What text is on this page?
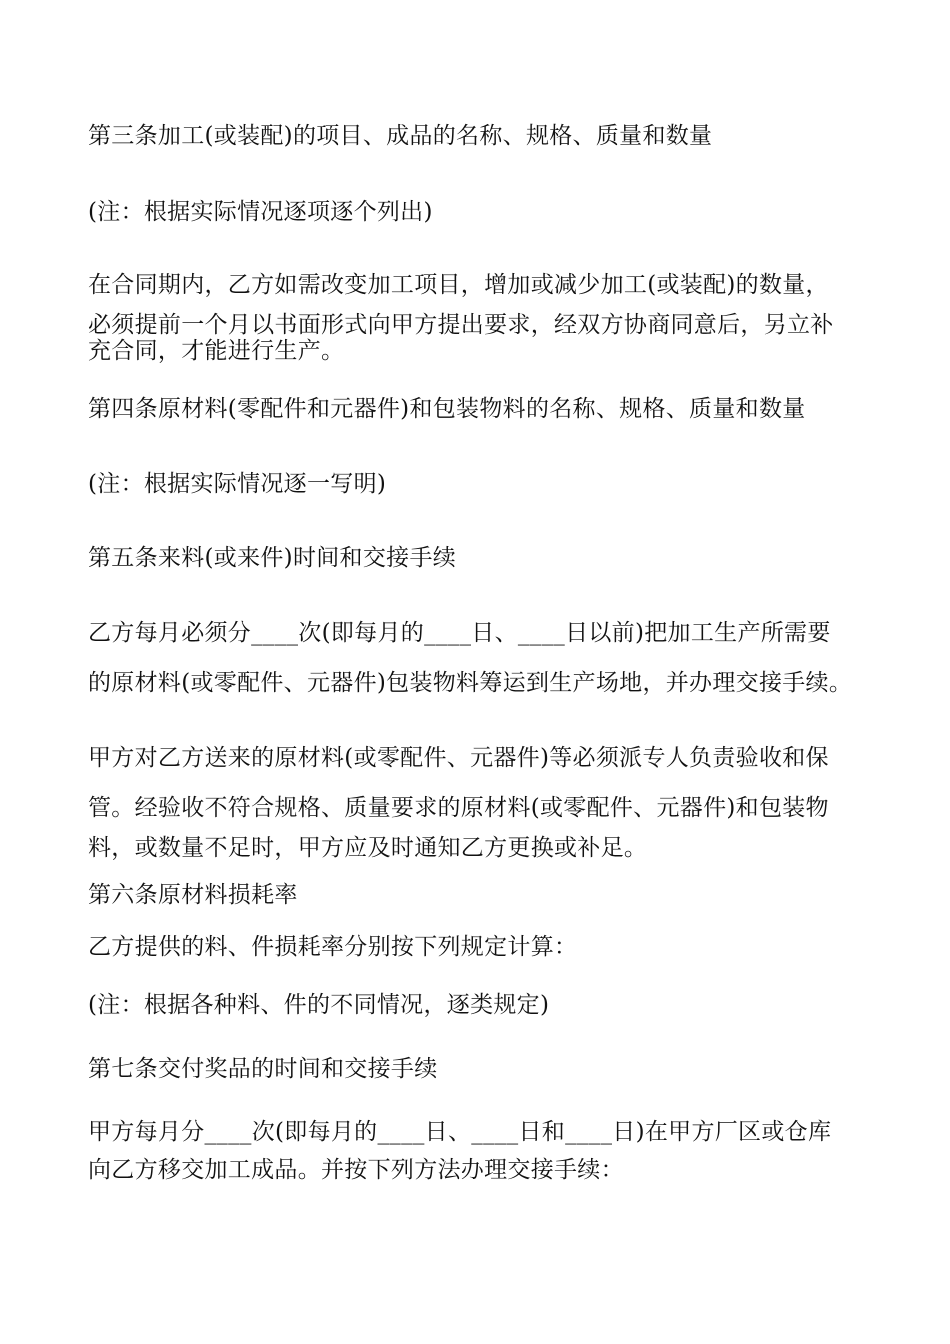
第三条加工(或装配)的项目、成品的名称、规格、质量和数量
(注：根据实际情况逐项逐个列出)
在合同期内，乙方如需改变加工项目，增加或减少加工(或装配)的数量，
必须提前一个月以书面形式向甲方提出要求，经双方协商同意后，另立补
充合同，才能进行生产。
第四条原材料(零配件和元器件)和包装物料的名称、规格、质量和数量
(注：根据实际情况逐一写明)
第五条来料(或来件)时间和交接手续
乙方每月必须分____次(即每月的____日、____日以前)把加工生产所需要
的原材料(或零配件、元器件)包装物料筹运到生产场地，并办理交接手续。
甲方对乙方送来的原材料(或零配件、元器件)等必须派专人负责验收和保
管。经验收不符合规格、质量要求的原材料(或零配件、元器件)和包装物
料，或数量不足时，甲方应及时通知乙方更换或补足。
第六条原材料损耗率
乙方提供的料、件损耗率分别按下列规定计算：
(注：根据各种料、件的不同情况，逐类规定)
第七条交付奖品的时间和交接手续
甲方每月分____次(即每月的____日、____日和____日)在甲方厂区或仓库
向乙方移交加工成品。并按下列方法办理交接手续：
